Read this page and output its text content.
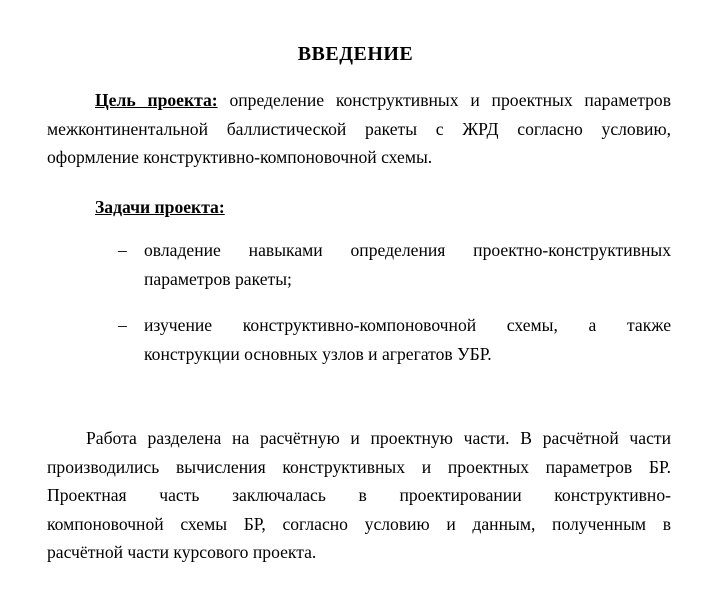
ВВЕДЕНИЕ
Цель проекта: определение конструктивных и проектных параметров
межконтинентальной баллистической ракеты с ЖРД согласно условию,
оформление конструктивно-компоновочной схемы.
Задачи проекта:
– овладение навыками определения проектно-конструктивных
параметров ракеты;
– изучение конструктивно-компоновочной схемы, а также
конструкции основных узлов и агрегатов УБР.
Работа разделена на расчётную и проектную части. В расчётной части
производились вычисления конструктивных и проектных параметров БР.
Проектная часть заключалась в проектировании конструктивно-
компоновочной схемы БР, согласно условию и данным, полученным в
расчётной части курсового проекта.
